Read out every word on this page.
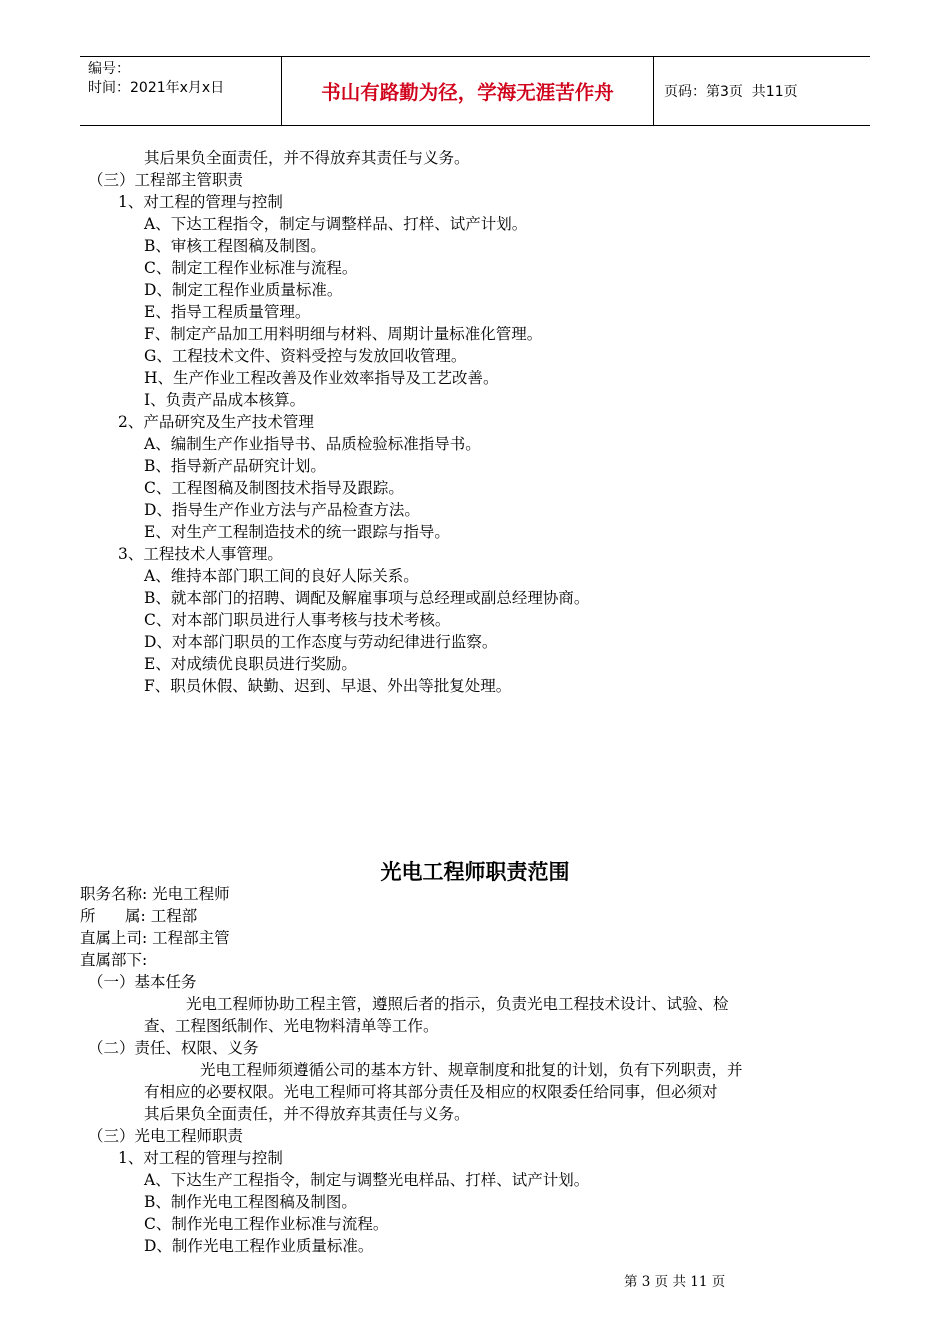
编号：
时间：2021年x月x日	书山有路勤为径，学海无涯苦作舟	页码：第3页  共11页
其后果负全面责任，并不得放弃其责任与义务。
（三）工程部主管职责
1、对工程的管理与控制
A、下达工程指令，制定与调整样品、打样、试产计划。
B、审核工程图稿及制图。
C、制定工程作业标准与流程。
D、制定工程作业质量标准。
E、指导工程质量管理。
F、制定产品加工用料明细与材料、周期计量标准化管理。
G、工程技术文件、资料受控与发放回收管理。
H、生产作业工程改善及作业效率指导及工艺改善。
I、负责产品成本核算。
2、产品研究及生产技术管理
A、编制生产作业指导书、品质检验标准指导书。
B、指导新产品研究计划。
C、工程图稿及制图技术指导及跟踪。
D、指导生产作业方法与产品检查方法。
E、对生产工程制造技术的统一跟踪与指导。
3、工程技术人事管理。
A、维持本部门职工间的良好人际关系。
B、就本部门的招聘、调配及解雇事项与总经理或副总经理协商。
C、对本部门职员进行人事考核与技术考核。
D、对本部门职员的工作态度与劳动纪律进行监察。
E、对成绩优良职员进行奖励。
F、职员休假、缺勤、迟到、早退、外出等批复处理。
光电工程师职责范围
职务名称: 光电工程师
所      属: 工程部
直属上司: 工程部主管
直属部下:
（一）基本任务
光电工程师协助工程主管，遵照后者的指示，负责光电工程技术设计、试验、检
查、工程图纸制作、光电物料清单等工作。
（二）责任、权限、义务
光电工程师须遵循公司的基本方针、规章制度和批复的计划，负有下列职责，并
有相应的必要权限。光电工程师可将其部分责任及相应的权限委任给同事，但必须对
其后果负全面责任，并不得放弃其责任与义务。
（三）光电工程师职责
1、对工程的管理与控制
A、下达生产工程指令，制定与调整光电样品、打样、试产计划。
B、制作光电工程图稿及制图。
C、制作光电工程作业标准与流程。
D、制作光电工程作业质量标准。
第 3 页 共 11 页
